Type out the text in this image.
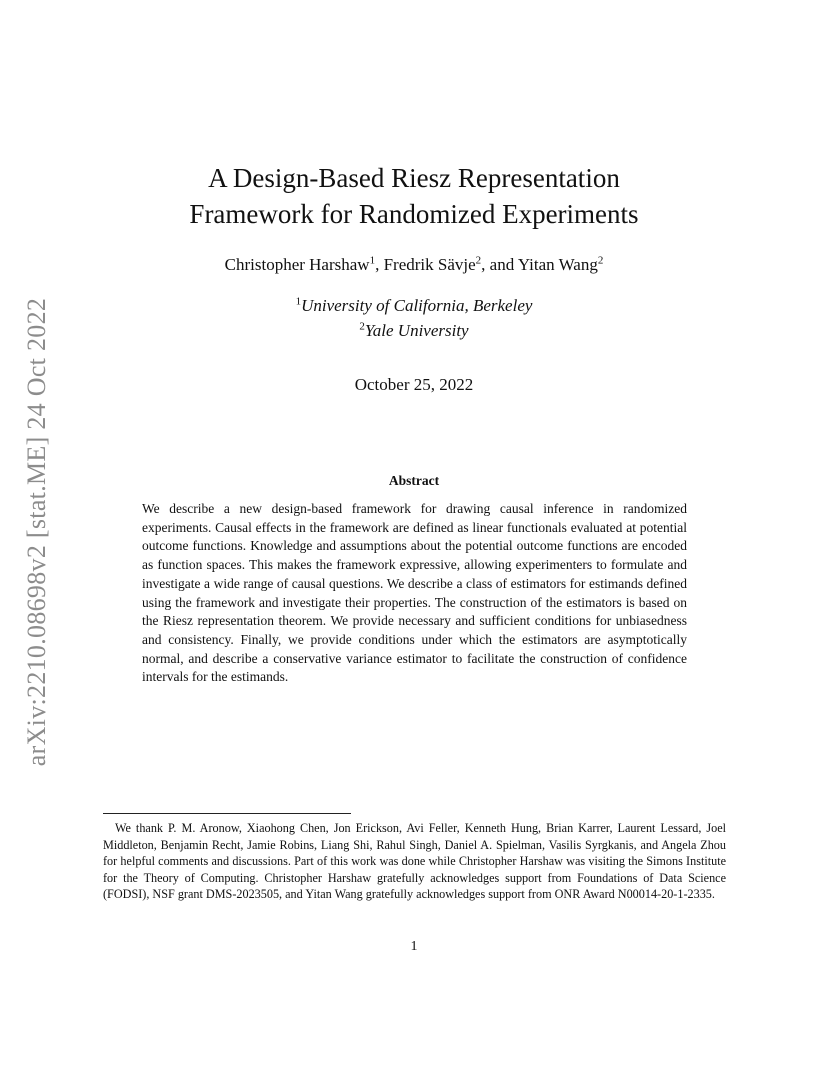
arXiv:2210.08698v2 [stat.ME] 24 Oct 2022
A Design-Based Riesz Representation
Framework for Randomized Experiments
Christopher Harshaw$^1$, Fredrik Sävje$^2$, and Yitan Wang$^2$
$^1$University of California, Berkeley
$^2$Yale University
October 25, 2022
Abstract
We describe a new design-based framework for drawing causal inference in randomized experiments. Causal effects in the framework are defined as linear functionals evaluated at potential outcome functions. Knowledge and assumptions about the potential outcome functions are encoded as function spaces. This makes the framework expressive, allowing experimenters to formulate and investigate a wide range of causal questions. We describe a class of estimators for estimands defined using the framework and investigate their properties. The construction of the estimators is based on the Riesz representation theorem. We provide necessary and sufficient conditions for unbiasedness and consistency. Finally, we provide conditions under which the estimators are asymptotically normal, and describe a conservative variance estimator to facilitate the construction of confidence intervals for the estimands.
We thank P. M. Aronow, Xiaohong Chen, Jon Erickson, Avi Feller, Kenneth Hung, Brian Karrer, Laurent Lessard, Joel Middleton, Benjamin Recht, Jamie Robins, Liang Shi, Rahul Singh, Daniel A. Spielman, Vasilis Syrgkanis, and Angela Zhou for helpful comments and discussions. Part of this work was done while Christopher Harshaw was visiting the Simons Institute for the Theory of Computing. Christopher Harshaw gratefully acknowledges support from Foundations of Data Science (FODSI), NSF grant DMS-2023505, and Yitan Wang gratefully acknowledges support from ONR Award N00014-20-1-2335.
1
